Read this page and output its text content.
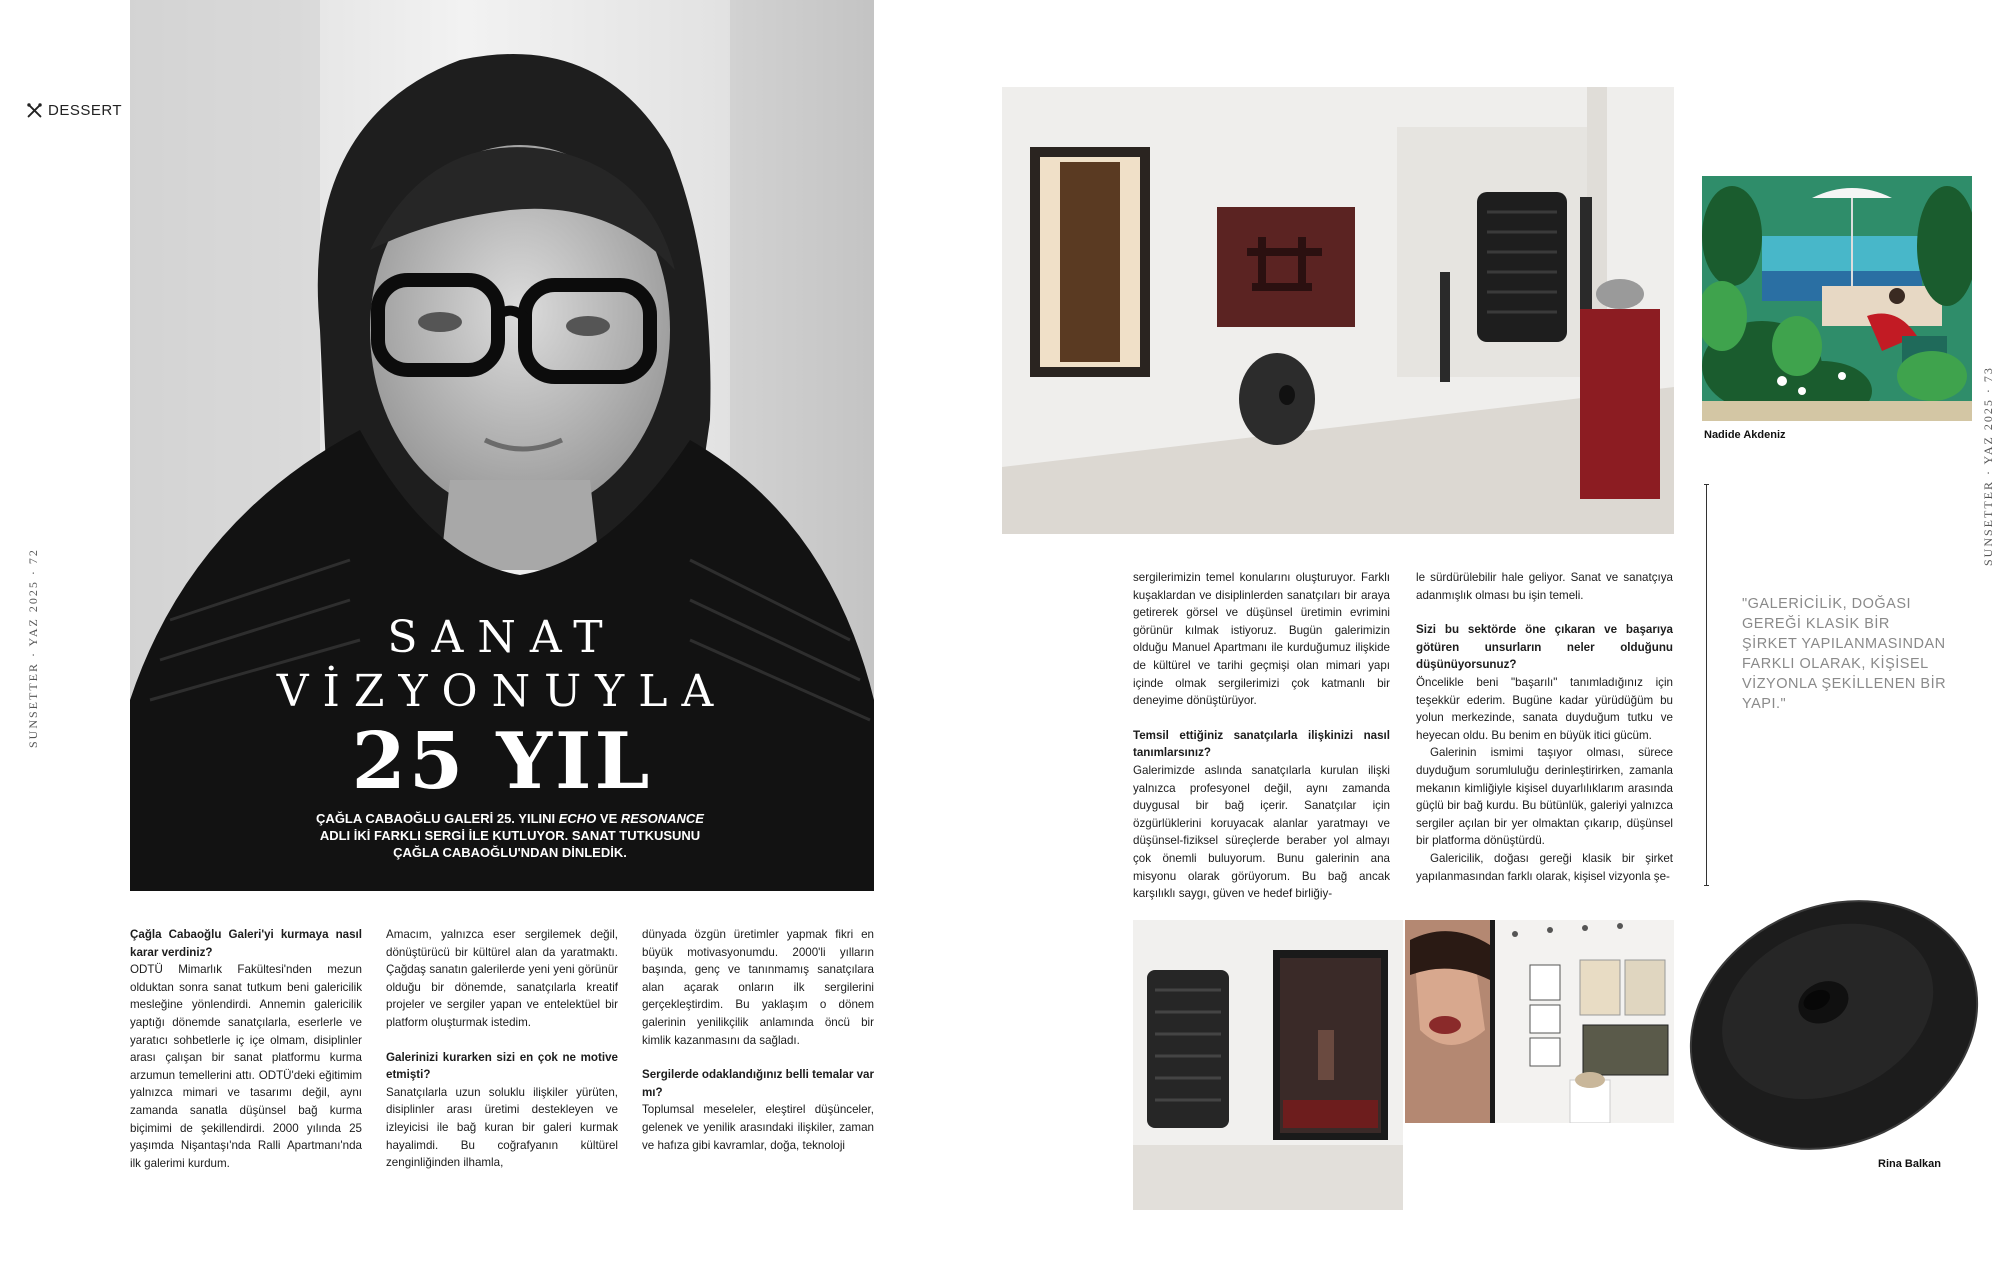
DESSERT
SUNSETTER · YAZ 2025 · 72
SUNSETTER · YAZ 2025 · 73
SANAT
VİZYONUYLA
25 YIL
ÇAĞLA CABAOĞLU GALERİ 25. YILINI ECHO VE RESONANCE ADLI İKİ FARKLI SERGİ İLE KUTLUYOR. SANAT TUTKUSUNU ÇAĞLA CABAOĞLU'NDAN DİNLEDİK.

Çağla Cabaoğlu Galeri'yi kurmaya nasıl karar verdiniz?

ODTÜ Mimarlık Fakültesi'nden mezun olduktan sonra sanat tutkum beni galericilik mesleğine yönlendirdi. Annemin galericilik yaptığı dönemde sanatçılarla, eserlerle ve yaratıcı sohbetlerle iç içe olmam, disiplinler arası çalışan bir sanat platformu kurma arzumun temellerini attı. ODTÜ'deki eğitimim yalnızca mimari ve tasarımı değil, aynı zamanda sanatla düşünsel bağ kurma biçimimi de şekillendirdi. 2000 yılında 25 yaşımda Nişantaşı'nda Ralli Apartmanı'nda ilk galerimi kurdum.

Amacım, yalnızca eser sergilemek değil, dönüştürücü bir kültürel alan da yaratmaktı. Çağdaş sanatın galerilerde yeni yeni görünür olduğu bir dönemde, sanatçılarla kreatif projeler ve sergiler yapan ve entelektüel bir platform oluşturmak istedim.

Galerinizi kurarken sizi en çok ne motive etmişti?

Sanatçılarla uzun soluklu ilişkiler yürüten, disiplinler arası üretimi destekleyen ve izleyicisi ile bağ kuran bir galeri kurmak hayalimdi. Bu coğrafyanın kültürel zenginliğinden ilhamla,

dünyada özgün üretimler yapmak fikri en büyük motivasyonumdu. 2000'li yılların başında, genç ve tanınmamış sanatçılara alan açarak onların ilk sergilerini gerçekleştirdim. Bu yaklaşım o dönem galerinin yenilikçilik anlamında öncü bir kimlik kazanmasını da sağladı.

Sergilerde odaklandığınız belli temalar var mı?

Toplumsal meseleler, eleştirel düşünceler, gelenek ve yenilik arasındaki ilişkiler, zaman ve hafıza gibi kavramlar, doğa, teknoloji

Nadide Akdeniz

sergilerimizin temel konularını oluşturuyor. Farklı kuşaklardan ve disiplinlerden sanatçıları bir araya getirerek görsel ve düşünsel üretimin evrimini görünür kılmak istiyoruz. Bugün galerimizin olduğu Manuel Apartmanı ile kurduğumuz ilişkide de kültürel ve tarihi geçmişi olan mimari yapı içinde olmak sergilerimizi çok katmanlı bir deneyime dönüştürüyor.

Temsil ettiğiniz sanatçılarla ilişkinizi nasıl tanımlarsınız?

Galerimizde aslında sanatçılarla kurulan ilişki yalnızca profesyonel değil, aynı zamanda duygusal bir bağ içerir. Sanatçılar için özgürlüklerini koruyacak alanlar yaratmayı ve düşünsel-fiziksel süreçlerde beraber yol almayı çok önemli buluyorum. Bunu galerinin ana misyonu olarak görüyorum. Bu bağ ancak karşılıklı saygı, güven ve hedef birliğiy-

le sürdürülebilir hale geliyor. Sanat ve sanatçıya adanmışlık olması bu işin temeli.

Sizi bu sektörde öne çıkaran ve başarıya götüren unsurların neler olduğunu düşünüyorsunuz?

Öncelikle beni "başarılı" tanımladığınız için teşekkür ederim. Bugüne kadar yürüdüğüm bu yolun merkezinde, sanata duyduğum tutku ve heyecan oldu. Bu benim en büyük itici gücüm.

Galerinin ismimi taşıyor olması, sürece duyduğum sorumluluğu derinleştirirken, zamanla mekanın kimliğiyle kişisel duyarlılıklarım arasında güçlü bir bağ kurdu. Bu bütünlük, galeriyi yalnızca sergiler açılan bir yer olmaktan çıkarıp, düşünsel bir platforma dönüştürdü.

Galericilik, doğası gereği klasik bir şirket yapılanmasından farklı olarak, kişisel vizyonla şe-

"GALERİCİLİK, DOĞASI GEREĞİ KLASİK BİR ŞİRKET YAPILANMASINDAN FARKLI OLARAK, KİŞİSEL VİZYONLA ŞEKİLLENEN BİR YAPI."
Rina Balkan
